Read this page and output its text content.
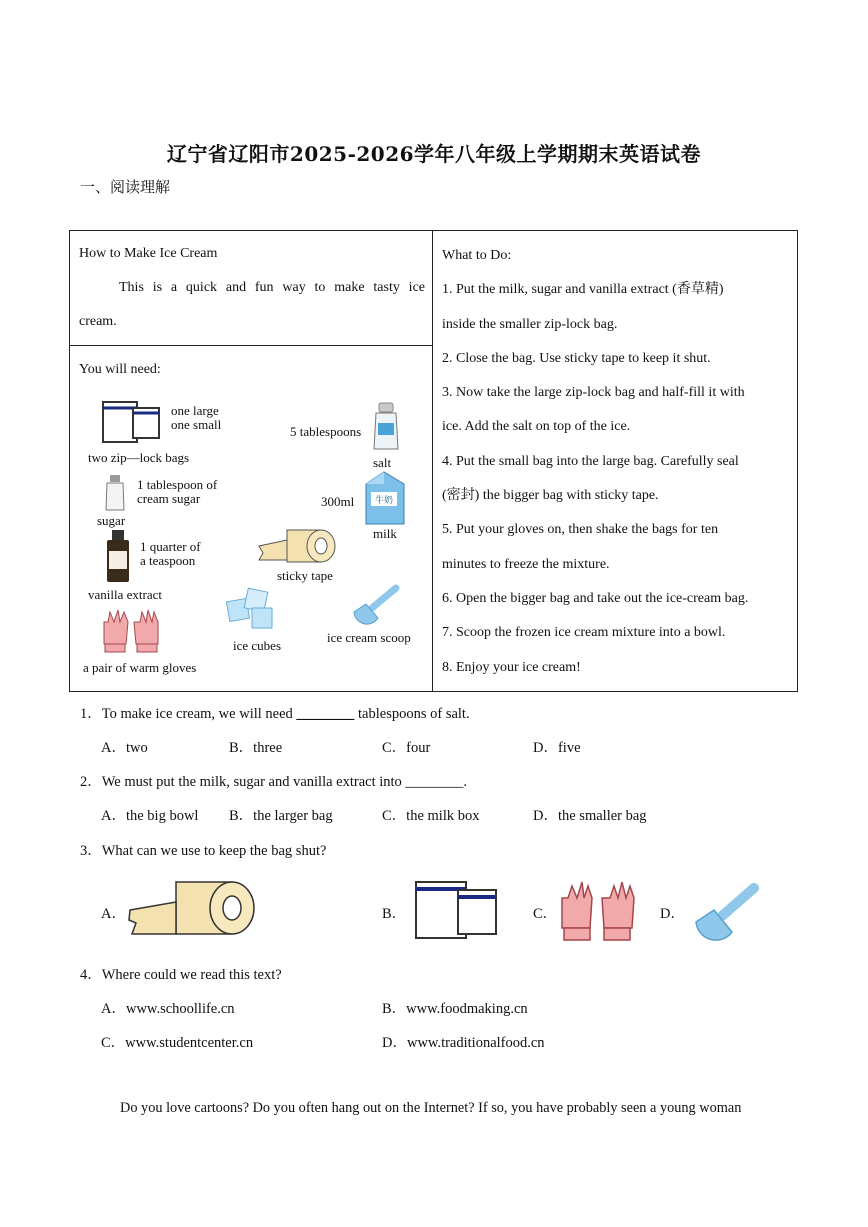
辽宁省辽阳市2025-2026学年八年级上学期期末英语试卷
一、阅读理解
How to Make Ice Cream
This is a quick and fun way to make tasty ice
cream.
You will need:
one large
one small
two zip—lock bags
5 tablespoons
salt
1 tablespoon of
cream sugar
sugar
300ml 牛奶
milk
1 quarter of
a teaspoon
vanilla extract
sticky tape
ice cubes
ice cream scoop
a pair of warm gloves
What to Do:
1. Put the milk, sugar and vanilla extract (香草精)
inside the smaller zip-lock bag.
2. Close the bag. Use sticky tape to keep it shut.
3. Now take the large zip-lock bag and half-fill it with
ice. Add the salt on top of the ice.
4. Put the small bag into the large bag. Carefully seal
(密封) the bigger bag with sticky tape.
5. Put your gloves on, then shake the bags for ten
minutes to freeze the mixture.
6. Open the bigger bag and take out the ice-cream bag.
7. Scoop the frozen ice cream mixture into a bowl.
8. Enjoy your ice cream!
1．To make ice cream, we will need ________ tablespoons of salt.
A．two	B．three	C．four	D．five
2．We must put the milk, sugar and vanilla extract into ________.
A．the big bowl B．the larger bag	C．the milk box	D．the smaller bag
3．What can we use to keep the bag shut?
A．	B．	C．	D．
4．Where could we read this text?
A．www.schoollife.cn	B．www.foodmaking.cn
C．www.studentcenter.cn	D．www.traditionalfood.cn
Do you love cartoons? Do you often hang out on the Internet? If so, you have probably seen a young woman
